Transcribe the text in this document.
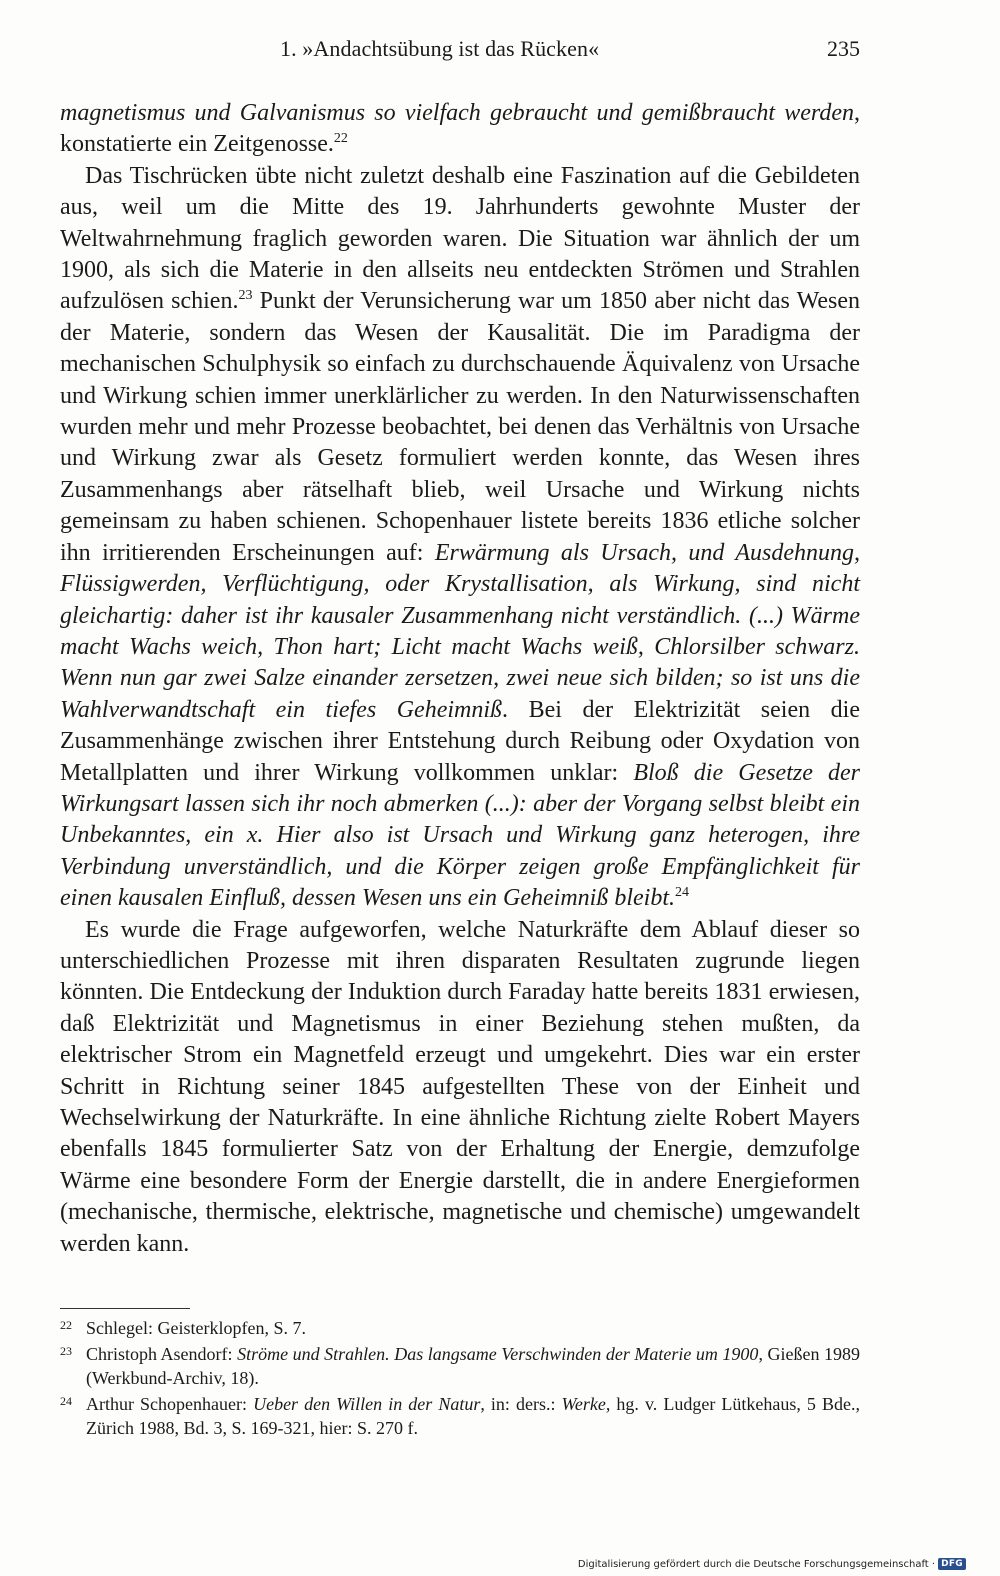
1. »Andachtsübung ist das Rücken«	235

magnetismus und Galvanismus so vielfach gebraucht und gemißbraucht werden, konstatierte ein Zeitgenosse.$^{22}$

Das Tischrücken übte nicht zuletzt deshalb eine Faszination auf die Gebildeten aus, weil um die Mitte des 19. Jahrhunderts gewohnte Muster der Weltwahrnehmung fraglich geworden waren. Die Situation war ähnlich der um 1900, als sich die Materie in den allseits neu entdeckten Strömen und Strahlen aufzulösen schien.$^{23}$ Punkt der Verunsicherung war um 1850 aber nicht das Wesen der Materie, sondern das Wesen der Kausalität. Die im Paradigma der mechanischen Schulphysik so einfach zu durchschauende Äquivalenz von Ursache und Wirkung schien immer unerklärlicher zu werden. In den Naturwissenschaften wurden mehr und mehr Prozesse beobachtet, bei denen das Verhältnis von Ursache und Wirkung zwar als Gesetz formuliert werden konnte, das Wesen ihres Zusammenhangs aber rätselhaft blieb, weil Ursache und Wirkung nichts gemeinsam zu haben schienen. Schopenhauer listete bereits 1836 etliche solcher ihn irritierenden Erscheinungen auf: Erwärmung als Ursach, und Ausdehnung, Flüssigwerden, Verflüchtigung, oder Krystallisation, als Wirkung, sind nicht gleichartig: daher ist ihr kausaler Zusammenhang nicht verständlich. (...) Wärme macht Wachs weich, Thon hart; Licht macht Wachs weiß, Chlorsilber schwarz. Wenn nun gar zwei Salze einander zersetzen, zwei neue sich bilden; so ist uns die Wahlverwandtschaft ein tiefes Geheimniß. Bei der Elektrizität seien die Zusammenhänge zwischen ihrer Entstehung durch Reibung oder Oxydation von Metallplatten und ihrer Wirkung vollkommen unklar: Bloß die Gesetze der Wirkungsart lassen sich ihr noch abmerken (...): aber der Vorgang selbst bleibt ein Unbekanntes, ein x. Hier also ist Ursach und Wirkung ganz heterogen, ihre Verbindung unverständlich, und die Körper zeigen große Empfänglichkeit für einen kausalen Einfluß, dessen Wesen uns ein Geheimniß bleibt.$^{24}$

Es wurde die Frage aufgeworfen, welche Naturkräfte dem Ablauf dieser so unterschiedlichen Prozesse mit ihren disparaten Resultaten zugrunde liegen könnten. Die Entdeckung der Induktion durch Faraday hatte bereits 1831 erwiesen, daß Elektrizität und Magnetismus in einer Beziehung stehen mußten, da elektrischer Strom ein Magnetfeld erzeugt und umgekehrt. Dies war ein erster Schritt in Richtung seiner 1845 aufgestellten These von der Einheit und Wechselwirkung der Naturkräfte. In eine ähnliche Richtung zielte Robert Mayers ebenfalls 1845 formulierter Satz von der Erhaltung der Energie, demzufolge Wärme eine besondere Form der Energie darstellt, die in andere Energieformen (mechanische, thermische, elektrische, magnetische und chemische) umgewandelt werden kann.

22 Schlegel: Geisterklopfen, S. 7.
23 Christoph Asendorf: Ströme und Strahlen. Das langsame Verschwinden der Materie um 1900, Gießen 1989 (Werkbund-Archiv, 18).
24 Arthur Schopenhauer: Ueber den Willen in der Natur, in: ders.: Werke, hg. v. Ludger Lütkehaus, 5 Bde., Zürich 1988, Bd. 3, S. 169-321, hier: S. 270 f.
Digitalisierung gefördert durch die Deutsche Forschungsgemeinschaft · DFG
